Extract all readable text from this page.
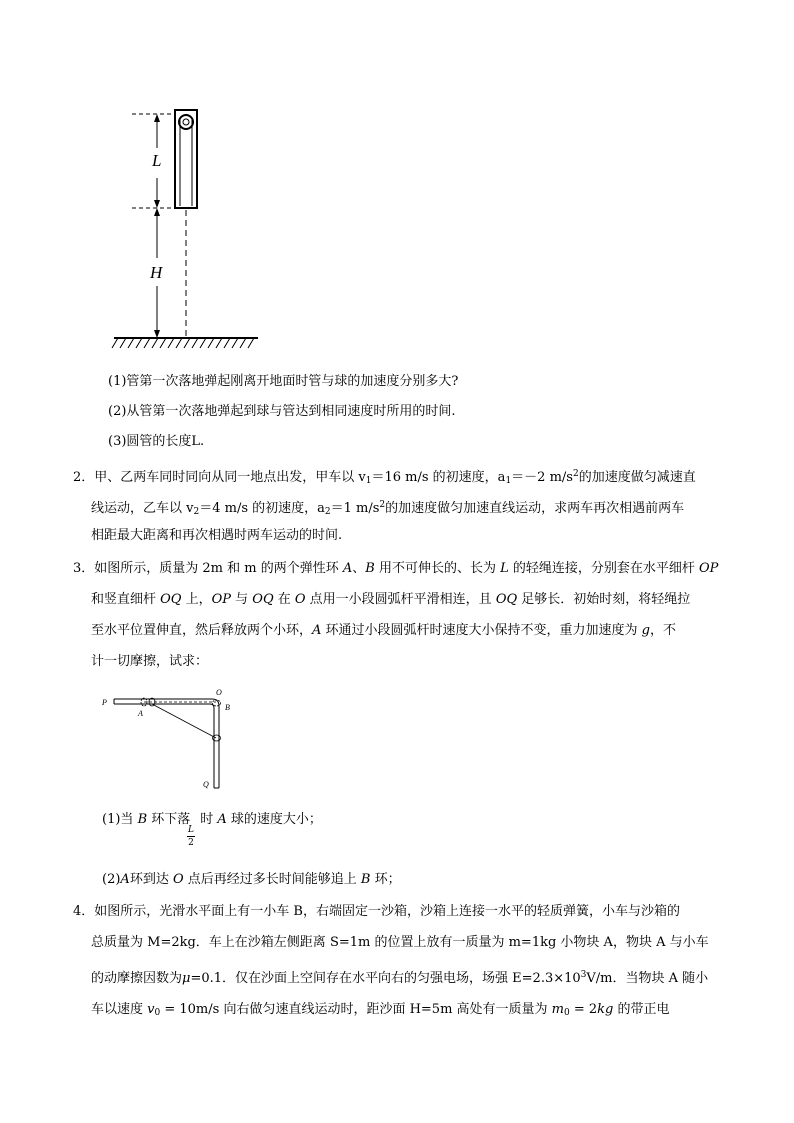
L
H
(1)管第一次落地弹起刚离开地面时管与球的加速度分别多大?
(2)从管第一次落地弹起到球与管达到相同速度时所用的时间.
(3)圆管的长度L.
2．甲、乙两车同时同向从同一地点出发，甲车以 $v_1=16$ m/s 的初速度，$a_1=-2$ $m/s^2$的加速度做匀减速直
线运动，乙车以 $v_2=4$ m/s 的初速度，$a_2=1$ $m/s^2$的加速度做匀加速直线运动，求两车再次相遇前两车
相距最大距离和再次相遇时两车运动的时间.
3．如图所示，质量为 2m 和 m 的两个弹性环 A、B 用不可伸长的、长为 L 的轻绳连接，分别套在水平细杆 OP
和竖直细杆 OQ 上，OP 与 OQ 在 O 点用一小段圆弧杆平滑相连，且 OQ 足够长．初始时刻，将轻绳拉
至水平位置伸直，然后释放两个小环，A 环通过小段圆弧杆时速度大小保持不变，重力加速度为 g，不
计一切摩擦，试求：
P
A
O
B
Q
(1)当 B 环下落 时 A 球的速度大小；
L
2
(2)A环到达 O 点后再经过多长时间能够追上 B 环；
4．如图所示，光滑水平面上有一小车 B，右端固定一沙箱，沙箱上连接一水平的轻质弹簧，小车与沙箱的
总质量为 M=2kg．车上在沙箱左侧距离 S=1m 的位置上放有一质量为 m=1kg 小物块 A，物块 A 与小车
的动摩擦因数为μ=0.1．仅在沙面上空间存在水平向右的匀强电场，场强 $E=2.3\times 10^3V/m$．当物块 A 随小
车以速度 $v_0 = 10m/s$ 向右做匀速直线运动时，距沙面 H=5m 高处有一质量为 $m_0 = 2kg$ 的带正电
